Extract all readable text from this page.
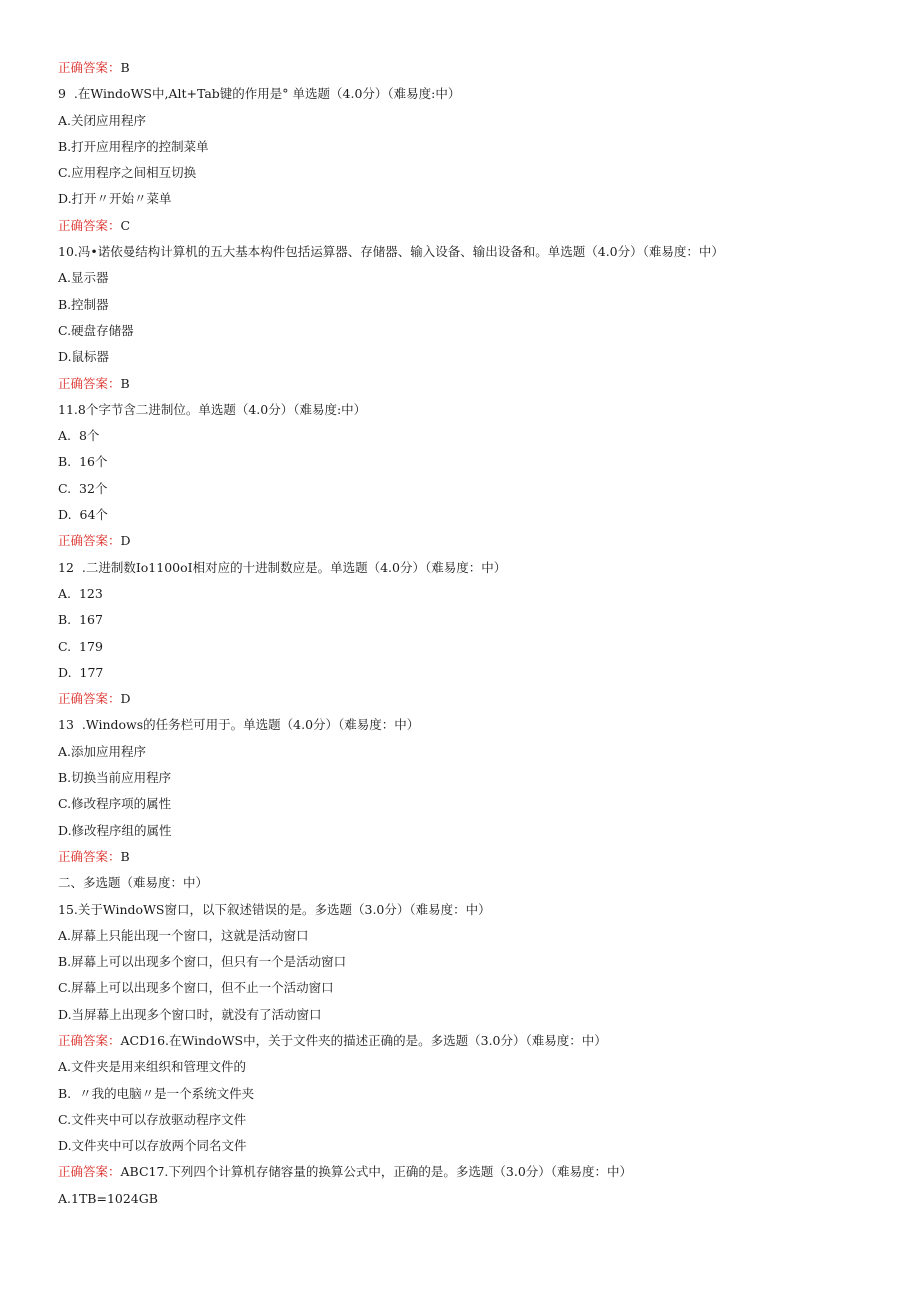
正确答案：B
9  .在WindoWS中,Alt+Tab键的作用是° 单选题（4.0分）（难易度:中）
A.关闭应用程序
B.打开应用程序的控制菜单
C.应用程序之间相互切换
D.打开〃开始〃菜单
正确答案：C
10.冯•诺依曼结构计算机的五大基本构件包括运算器、存储器、输入设备、输出设备和。单选题（4.0分）（难易度：中）
A.显示器
B.控制器
C.硬盘存储器
D.鼠标器
正确答案：B
11.8个字节含二进制位。单选题（4.0分）（难易度:中）
A.  8个
B.  16个
C.  32个
D.  64个
正确答案：D
12  .二进制数Io1100oI相对应的十进制数应是。单选题（4.0分）（难易度：中）
A.  123
B.  167
C.  179
D.  177
正确答案：D
13  .Windows的任务栏可用于。单选题（4.0分）（难易度：中）
A.添加应用程序
B.切换当前应用程序
C.修改程序项的属性
D.修改程序组的属性
正确答案：B
二、多选题（难易度：中）
15.关于WindoWS窗口，以下叙述错误的是。多选题（3.0分）（难易度：中）
A.屏幕上只能出现一个窗口，这就是活动窗口
B.屏幕上可以出现多个窗口，但只有一个是活动窗口
C.屏幕上可以出现多个窗口，但不止一个活动窗口
D.当屏幕上出现多个窗口时，就没有了活动窗口
正确答案：ACD16.在WindoWS中，关于文件夹的描述正确的是。多选题（3.0分）（难易度：中）
A.文件夹是用来组织和管理文件的
B.  〃我的电脑〃是一个系统文件夹
C.文件夹中可以存放驱动程序文件
D.文件夹中可以存放两个同名文件
正确答案：ABC17.下列四个计算机存储容量的换算公式中，正确的是。多选题（3.0分）（难易度：中）
A.1TB=1024GB
